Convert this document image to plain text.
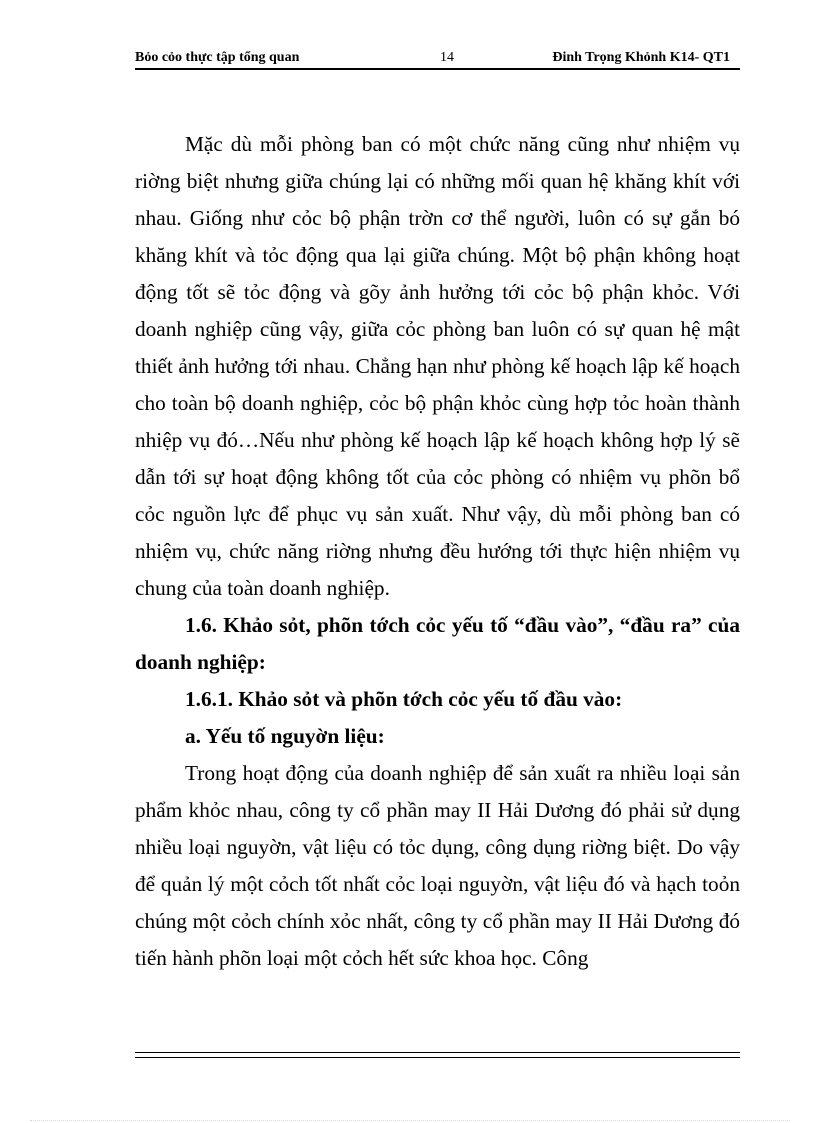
Bỏo cỏo thực tập tổng quan	14	Đinh Trọng Khỏnh K14- QT1

Mặc dù mỗi phòng ban có một chức năng cũng như nhiệm vụ riờng biệt nhưng giữa chúng lại có những mối quan hệ khăng khít với nhau. Giống như cỏc bộ phận trờn cơ thể người, luôn có sự gắn bó khăng khít và tỏc động qua lại giữa chúng. Một bộ phận không hoạt động tốt sẽ tỏc động và gõy ảnh hưởng tới cỏc bộ phận khỏc. Với doanh nghiệp cũng vậy, giữa cỏc phòng ban luôn có sự quan hệ mật thiết ảnh hưởng tới nhau. Chẳng hạn như phòng kế hoạch lập kế hoạch cho toàn bộ doanh nghiệp, cỏc bộ phận khỏc cùng hợp tỏc hoàn thành nhiệp vụ đó…Nếu như phòng kế hoạch lập kế hoạch không hợp lý sẽ dẫn tới sự hoạt động không tốt của cỏc phòng có nhiệm vụ phõn bổ cỏc nguồn lực để phục vụ sản xuất. Như vậy, dù mỗi phòng ban có nhiệm vụ, chức năng riờng nhưng đều hướng tới thực hiện nhiệm vụ chung của toàn doanh nghiệp.

1.6. Khảo sỏt, phõn tớch cỏc yếu tố “đầu vào”, “đầu ra” của doanh nghiệp:

1.6.1. Khảo sỏt và phõn tớch cỏc yếu tố đầu vào:

a. Yếu tố nguyờn liệu:

Trong hoạt động của doanh nghiệp để sản xuất ra nhiều loại sản phẩm khỏc nhau, công ty cổ phần may II Hải Dương đó phải sử dụng nhiều loại nguyờn, vật liệu có tỏc dụng, công dụng riờng biệt. Do vậy để quản lý một cỏch tốt nhất cỏc loại nguyờn, vật liệu đó và hạch toỏn chúng một cỏch chính xỏc nhất, công ty cổ phần may II Hải Dương đó tiến hành phõn loại một cỏch hết sức khoa học. Công
